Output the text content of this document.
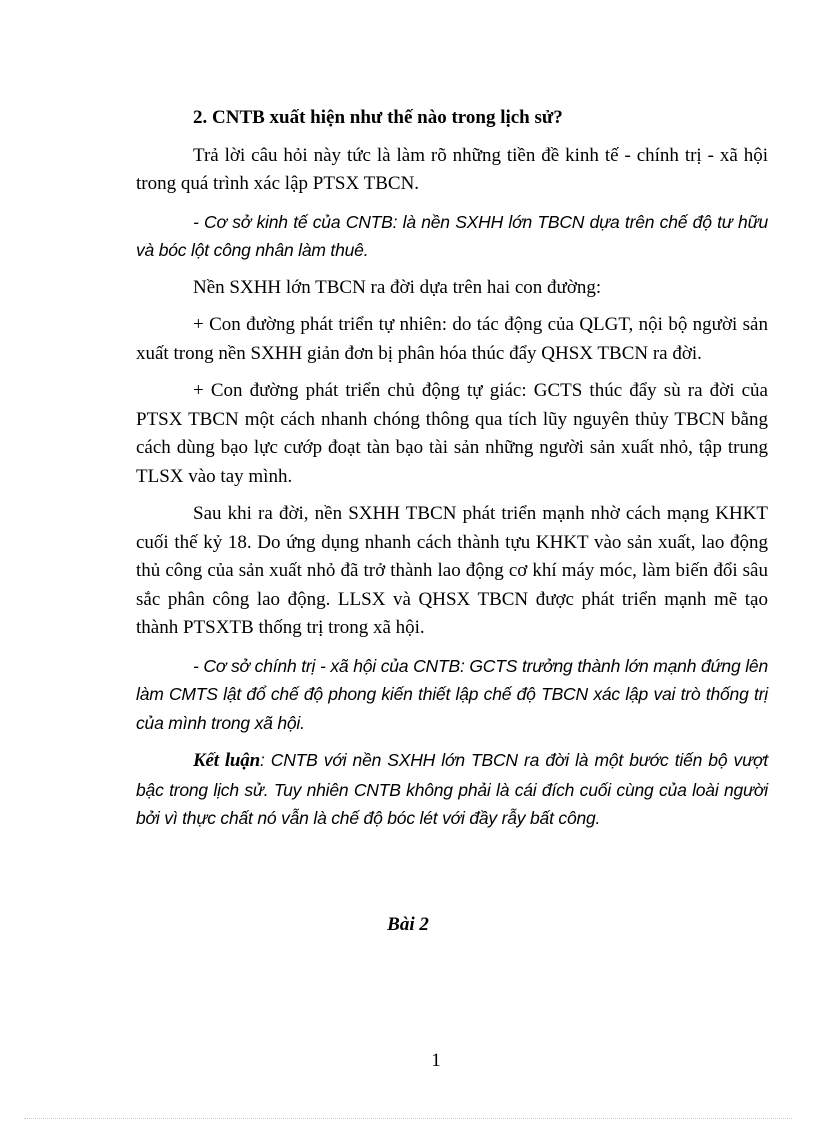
2. CNTB xuất hiện như thế nào trong lịch sử?

Trả lời câu hỏi này tức là làm rõ những tiền đề kinh tế - chính trị - xã hội trong quá trình xác lập PTSX TBCN.

- Cơ sở kinh tế của CNTB: là nền SXHH lớn TBCN dựa trên chế độ tư hữu và bóc lột công nhân làm thuê.

Nền SXHH lớn TBCN ra đời dựa trên hai con đường:

+ Con đường phát triển tự nhiên: do tác động của QLGT, nội bộ người sản xuất trong nền SXHH giản đơn bị phân hóa thúc đẩy QHSX TBCN ra đời.

+ Con đường phát triển chủ động tự giác: GCTS thúc đẩy sù ra đời của PTSX TBCN một cách nhanh chóng thông qua tích lũy nguyên thủy TBCN bằng cách dùng bạo lực cướp đoạt tàn bạo tài sản những người sản xuất nhỏ, tập trung TLSX vào tay mình.

Sau khi ra đời, nền SXHH TBCN phát triển mạnh nhờ cách mạng KHKT cuối thế kỷ 18. Do ứng dụng nhanh cách thành tựu KHKT vào sản xuất, lao động thủ công của sản xuất nhỏ đã trở thành lao động cơ khí máy móc, làm biến đổi sâu sắc phân công lao động. LLSX và QHSX TBCN được phát triển mạnh mẽ tạo thành PTSXTB thống trị trong xã hội.

- Cơ sở chính trị - xã hội của CNTB: GCTS trưởng thành lớn mạnh đứng lên làm CMTS lật đổ chế độ phong kiến thiết lập chế độ TBCN xác lập vai trò thống trị của mình trong xã hội.

Kết luận: CNTB với nền SXHH lớn TBCN ra đời là một bước tiến bộ vượt bậc trong lịch sử. Tuy nhiên CNTB không phải là cái đích cuối cùng của loài người bởi vì thực chất nó vẫn là chế độ bóc lét với đầy rẫy bất công.

Bài 2
1
